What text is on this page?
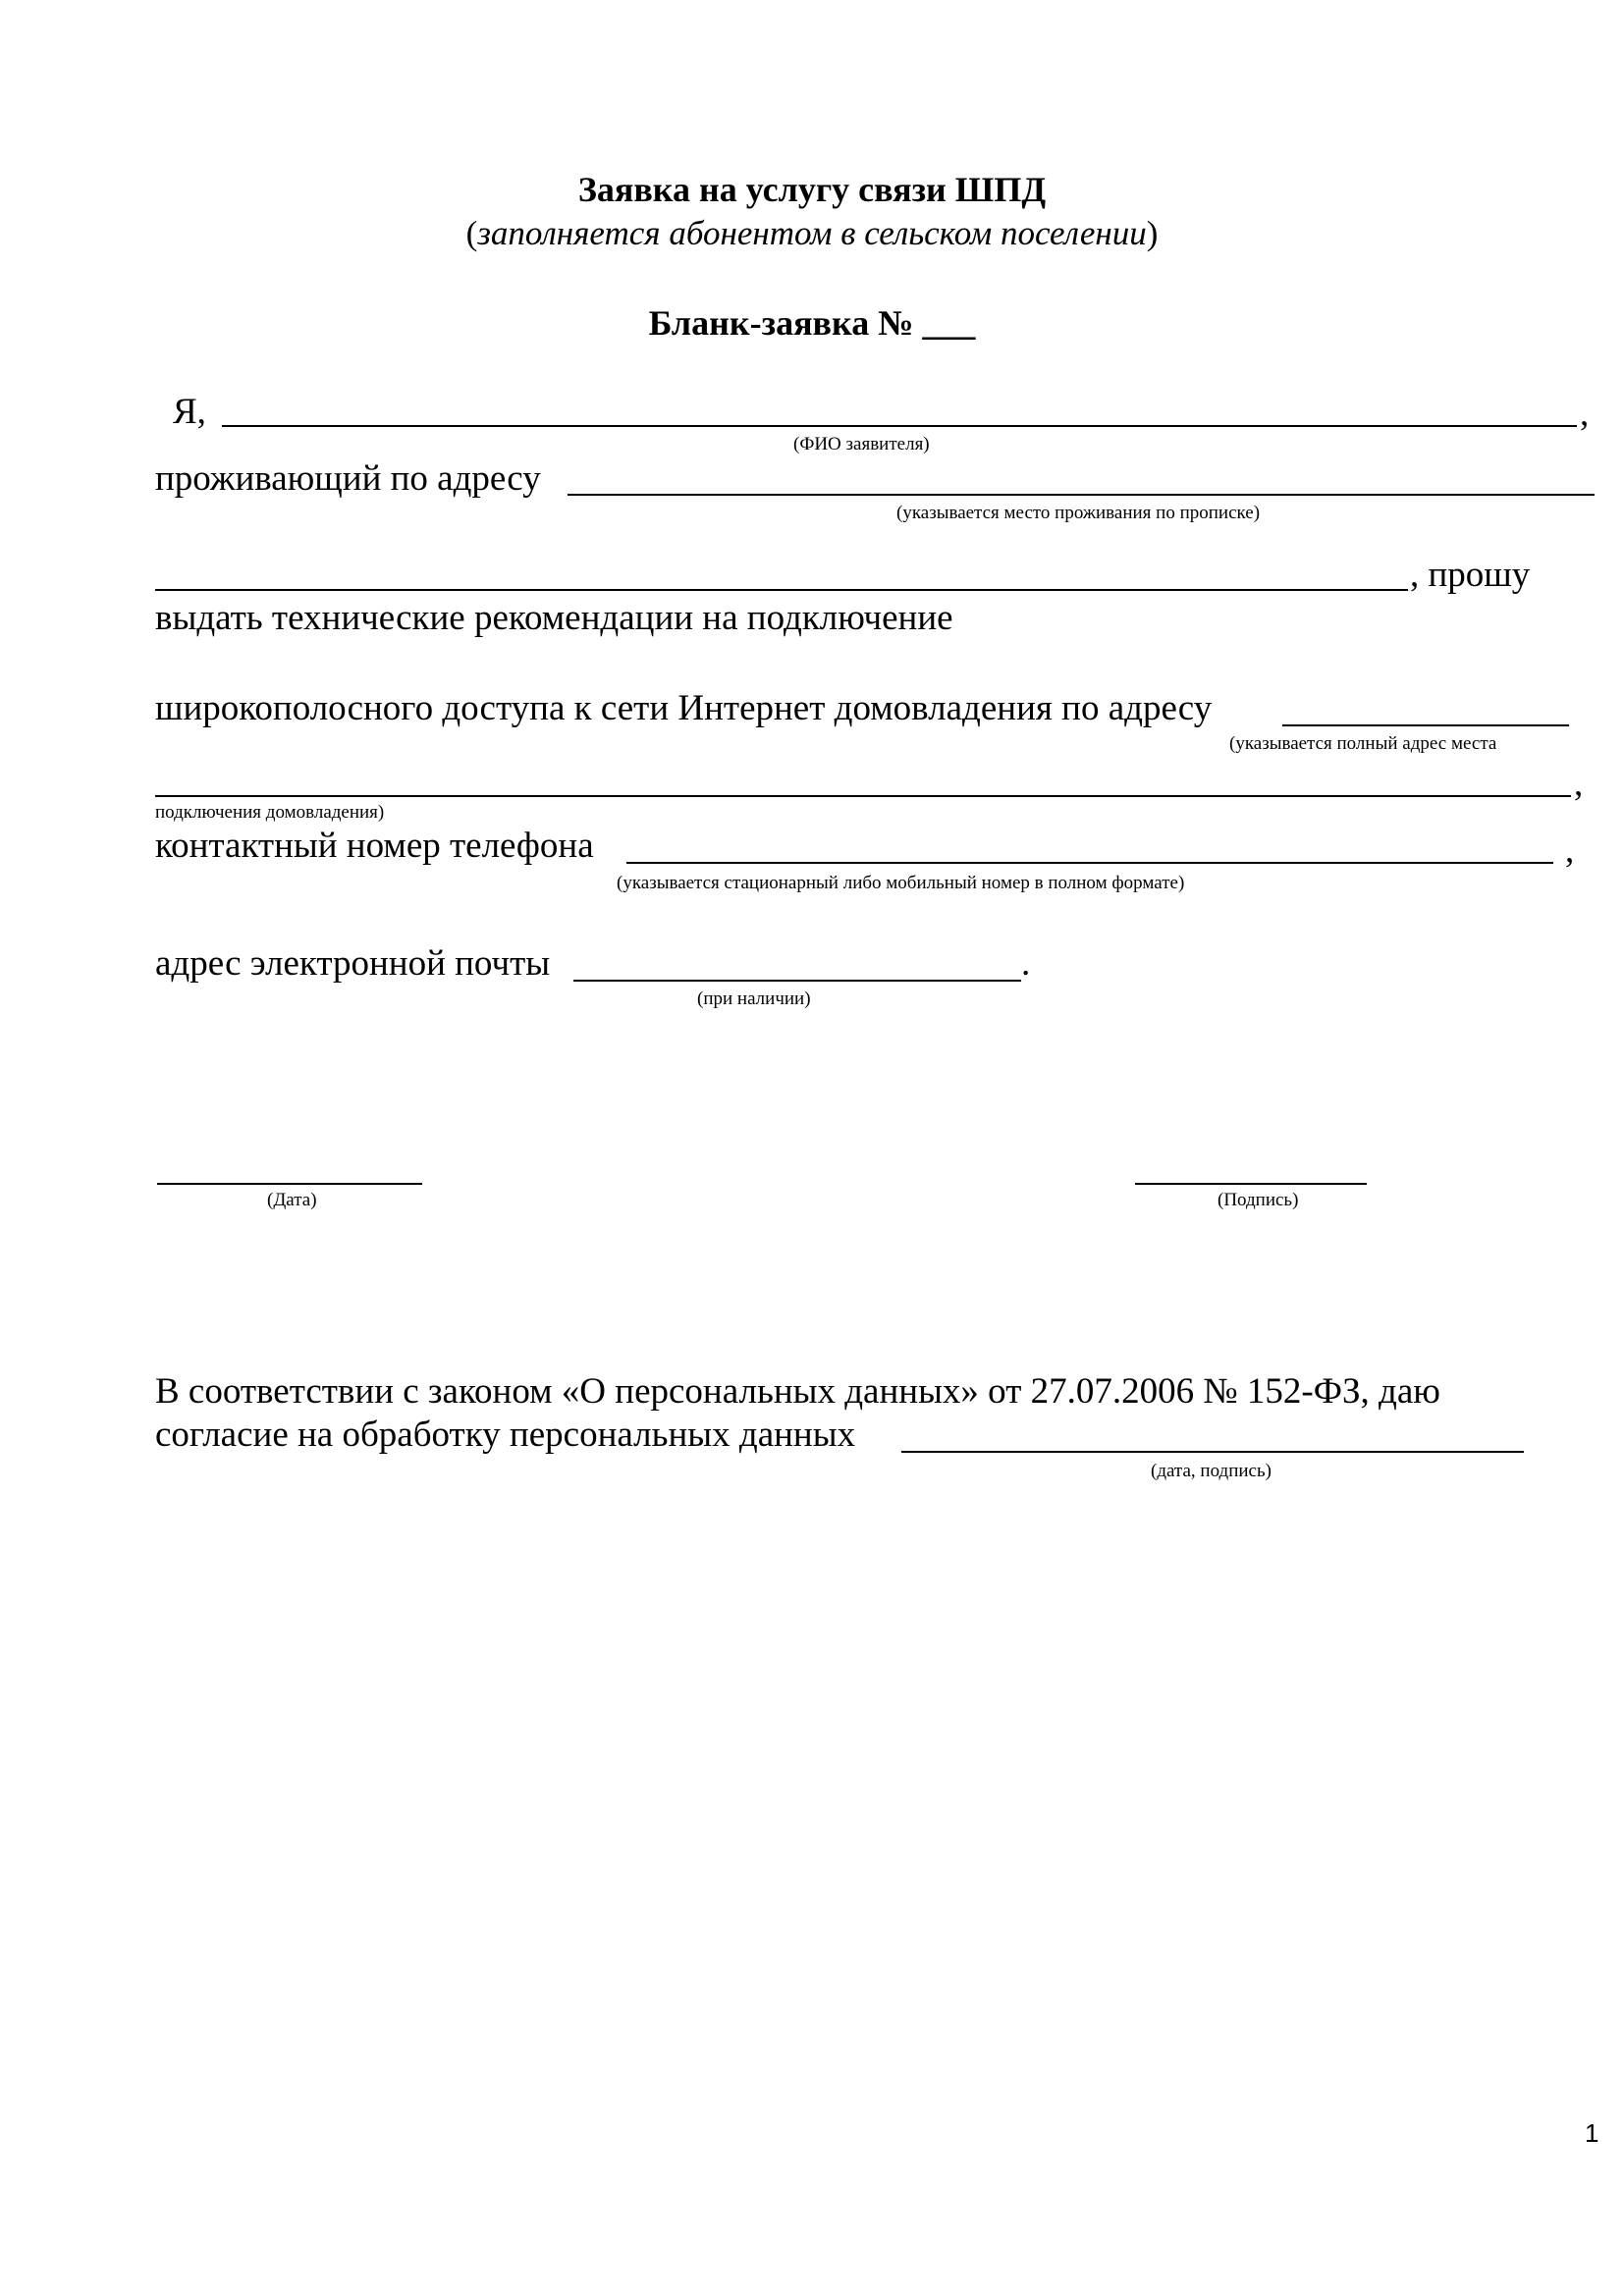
Заявка на услугу связи ШПД
(заполняется абонентом в сельском поселении)
Бланк-заявка № ___
Я,	,
(ФИО заявителя)
проживающий по адресу
(указывается место проживания по прописке)
, прошу
выдать технические рекомендации на подключение
широкополосного доступа к сети Интернет домовладения по адресу
(указывается полный адрес места
,
подключения домовладения)
контактный номер телефона	,
(указывается стационарный либо мобильный номер в полном формате)
адрес электронной почты	.
(при наличии)
(Дата)	(Подпись)
В соответствии с законом «О персональных данных» от 27.07.2006 № 152-ФЗ, даю
согласие на обработку персональных данных
(дата, подпись)
1
